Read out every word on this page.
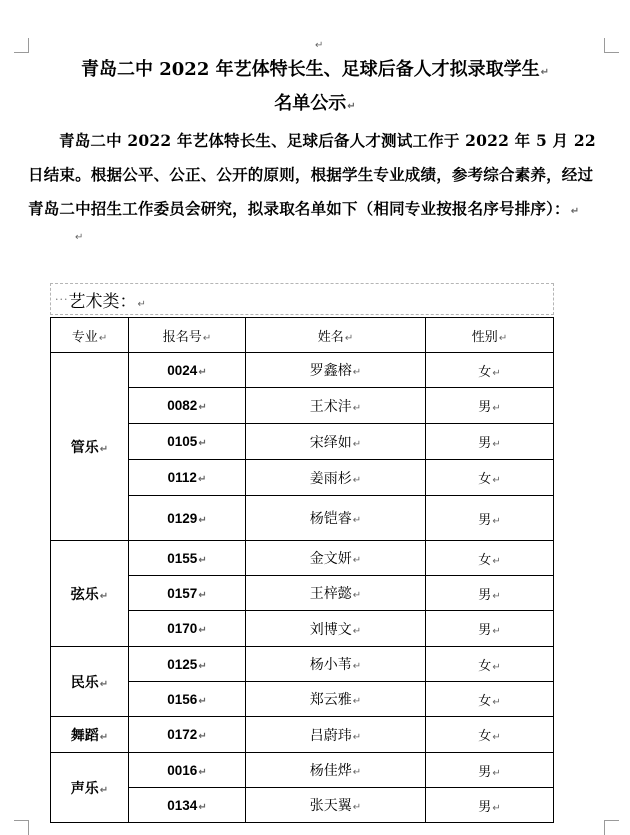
↵
青岛二中 2022 年艺体特长生、足球后备人才拟录取学生↵
名单公示↵
青岛二中 2022 年艺体特长生、足球后备人才测试工作于 2022 年 5 月 22 日结束。根据公平、公正、公开的原则，根据学生专业成绩，参考综合素养，经过青岛二中招生工作委员会研究，拟录取名单如下（相同专业按报名序号排序）：↵
↵
···艺术类：↵
专业↵	报名号↵	姓名↵	性别↵
管乐↵	0024↵	罗鑫榕↵	女↵
	0082↵	王术沣↵	男↵
	0105↵	宋绎如↵	男↵
	0112↵	姜雨杉↵	女↵
	0129↵	杨铠睿↵	男↵
弦乐↵	0155↵	金文妍↵	女↵
	0157↵	王梓懿↵	男↵
	0170↵	刘博文↵	男↵
民乐↵	0125↵	杨小苇↵	女↵
	0156↵	郑云雅↵	女↵
舞蹈↵	0172↵	吕蔚玮↵	女↵
声乐↵	0016↵	杨佳烨↵	男↵
	0134↵	张天翼↵	男↵
